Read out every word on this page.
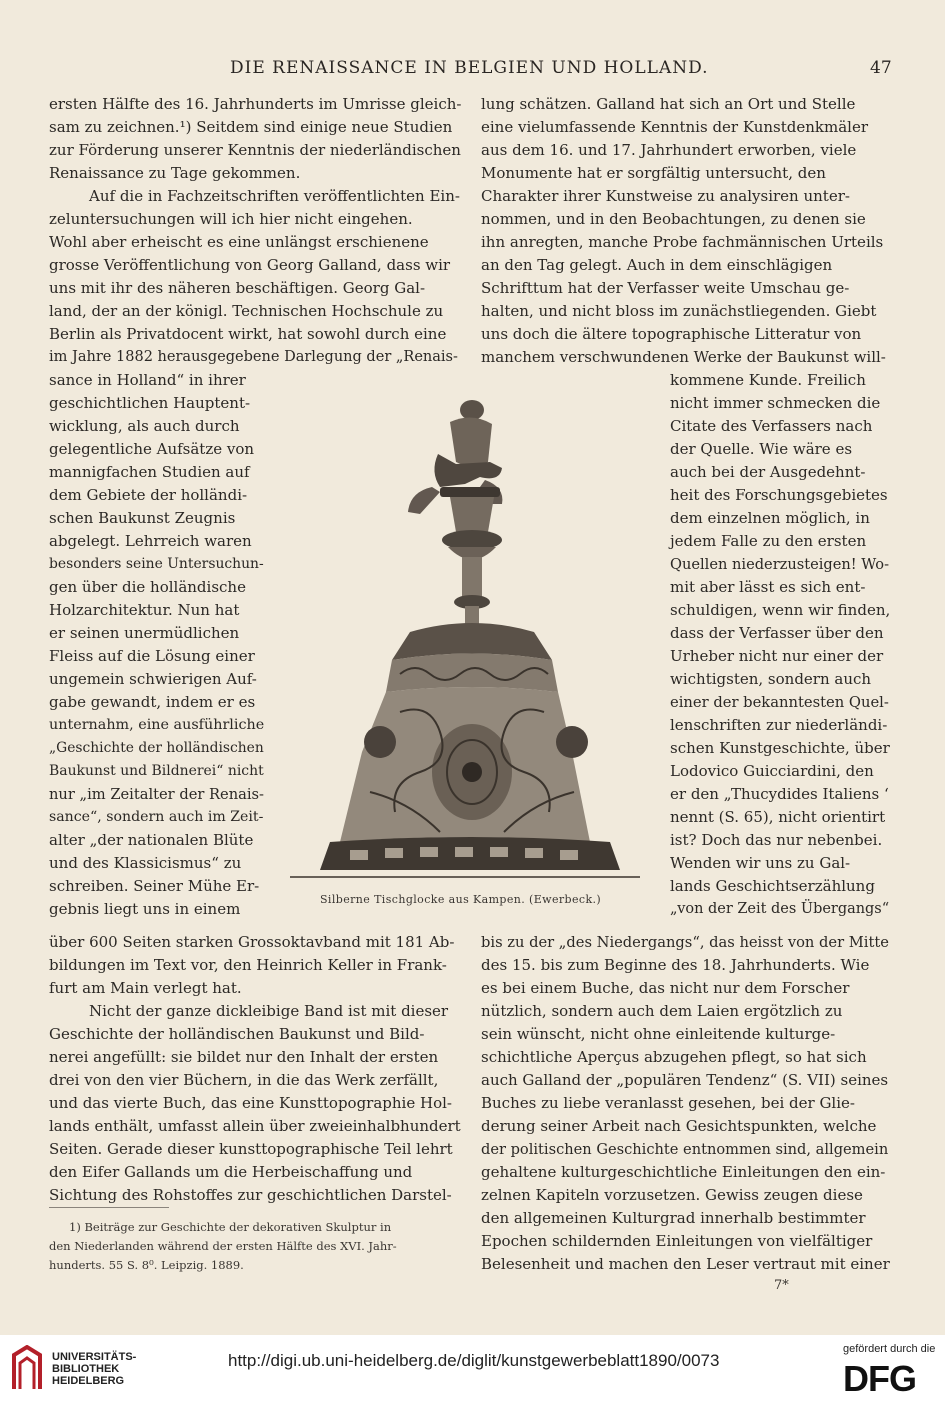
DIE RENAISSANCE IN BELGIEN UND HOLLAND.	47
ersten Hälfte des 16. Jahrhunderts im Umrisse gleich-
sam zu zeichnen.¹) Seitdem sind einige neue Studien
zur Förderung unserer Kenntnis der niederländischen
Renaissance zu Tage gekommen.
Auf die in Fachzeitschriften veröffentlichten Ein-
zeluntersuchungen will ich hier nicht eingehen.
Wohl aber erheischt es eine unlängst erschienene
grosse Veröffentlichung von Georg Galland, dass wir
uns mit ihr des näheren beschäftigen. Georg Gal-
land, der an der königl. Technischen Hochschule zu
Berlin als Privatdocent wirkt, hat sowohl durch eine
im Jahre 1882 herausgegebene Darlegung der „Renais-
sance in Holland“ in ihrer
geschichtlichen Hauptent-
wicklung, als auch durch
gelegentliche Aufsätze von
mannigfachen Studien auf
dem Gebiete der holländi-
schen Baukunst Zeugnis
abgelegt. Lehrreich waren
besonders seine Untersuchun-
gen über die holländische
Holzarchitektur. Nun hat
er seinen unermüdlichen
Fleiss auf die Lösung einer
ungemein schwierigen Auf-
gabe gewandt, indem er es
unternahm, eine ausführliche
„Geschichte der holländischen
Baukunst und Bildnerei“ nicht
nur „im Zeitalter der Renais-
sance“, sondern auch im Zeit-
alter „der nationalen Blüte
und des Klassicismus“ zu
schreiben. Seiner Mühe Er-
gebnis liegt uns in einem
über 600 Seiten starken Grossoktavband mit 181 Ab-
bildungen im Text vor, den Heinrich Keller in Frank-
furt am Main verlegt hat.
Nicht der ganze dickleibige Band ist mit dieser
Geschichte der holländischen Baukunst und Bild-
nerei angefüllt: sie bildet nur den Inhalt der ersten
drei von den vier Büchern, in die das Werk zerfällt,
und das vierte Buch, das eine Kunsttopographie Hol-
lands enthält, umfasst allein über zweieinhalbhundert
Seiten. Gerade dieser kunsttopographische Teil lehrt
den Eifer Gallands um die Herbeischaffung und
Sichtung des Rohstoffes zur geschichtlichen Darstel-
lung schätzen. Galland hat sich an Ort und Stelle
eine vielumfassende Kenntnis der Kunstdenkmäler
aus dem 16. und 17. Jahrhundert erworben, viele
Monumente hat er sorgfältig untersucht, den
Charakter ihrer Kunstweise zu analysiren unter-
nommen, und in den Beobachtungen, zu denen sie
ihn anregten, manche Probe fachmännischen Urteils
an den Tag gelegt. Auch in dem einschlägigen
Schrifttum hat der Verfasser weite Umschau ge-
halten, und nicht bloss im zunächstliegenden. Giebt
uns doch die ältere topographische Litteratur von
manchem verschwundenen Werke der Baukunst will-
kommene Kunde. Freilich
nicht immer schmecken die
Citate des Verfassers nach
der Quelle. Wie wäre es
auch bei der Ausgedehnt-
heit des Forschungsgebietes
dem einzelnen möglich, in
jedem Falle zu den ersten
Quellen niederzusteigen! Wo-
mit aber lässt es sich ent-
schuldigen, wenn wir finden,
dass der Verfasser über den
Urheber nicht nur einer der
wichtigsten, sondern auch
einer der bekanntesten Quel-
lenschriften zur niederländi-
schen Kunstgeschichte, über
Lodovico Guicciardini, den
er den „Thucydides Italiens ‘
nennt (S. 65), nicht orientirt
ist? Doch das nur nebenbei.
Wenden wir uns zu Gal-
lands Geschichtserzählung
„von der Zeit des Übergangs“
bis zu der „des Niedergangs“, das heisst von der Mitte
des 15. bis zum Beginne des 18. Jahrhunderts. Wie
es bei einem Buche, das nicht nur dem Forscher
nützlich, sondern auch dem Laien ergötzlich zu
sein wünscht, nicht ohne einleitende kulturge-
schichtliche Aperçus abzugehen pflegt, so hat sich
auch Galland der „populären Tendenz“ (S. VII) seines
Buches zu liebe veranlasst gesehen, bei der Glie-
derung seiner Arbeit nach Gesichtspunkten, welche
der politischen Geschichte entnommen sind, allgemein
gehaltene kulturgeschichtliche Einleitungen den ein-
zelnen Kapiteln vorzusetzen. Gewiss zeugen diese
den allgemeinen Kulturgrad innerhalb bestimmter
Epochen schildernden Einleitungen von vielfältiger
Belesenheit und machen den Leser vertraut mit einer
Silberne Tischglocke aus Kampen. (Ewerbeck.)
1) Beiträge zur Geschichte der dekorativen Skulptur in
den Niederlanden während der ersten Hälfte des XVI. Jahr-
hunderts. 55 S. 8⁰. Leipzig. 1889.
7*
UNIVERSITÄTS-
BIBLIOTHEK
HEIDELBERG
http://digi.ub.uni-heidelberg.de/diglit/kunstgewerbeblatt1890/0073
gefördert durch die
DFG
